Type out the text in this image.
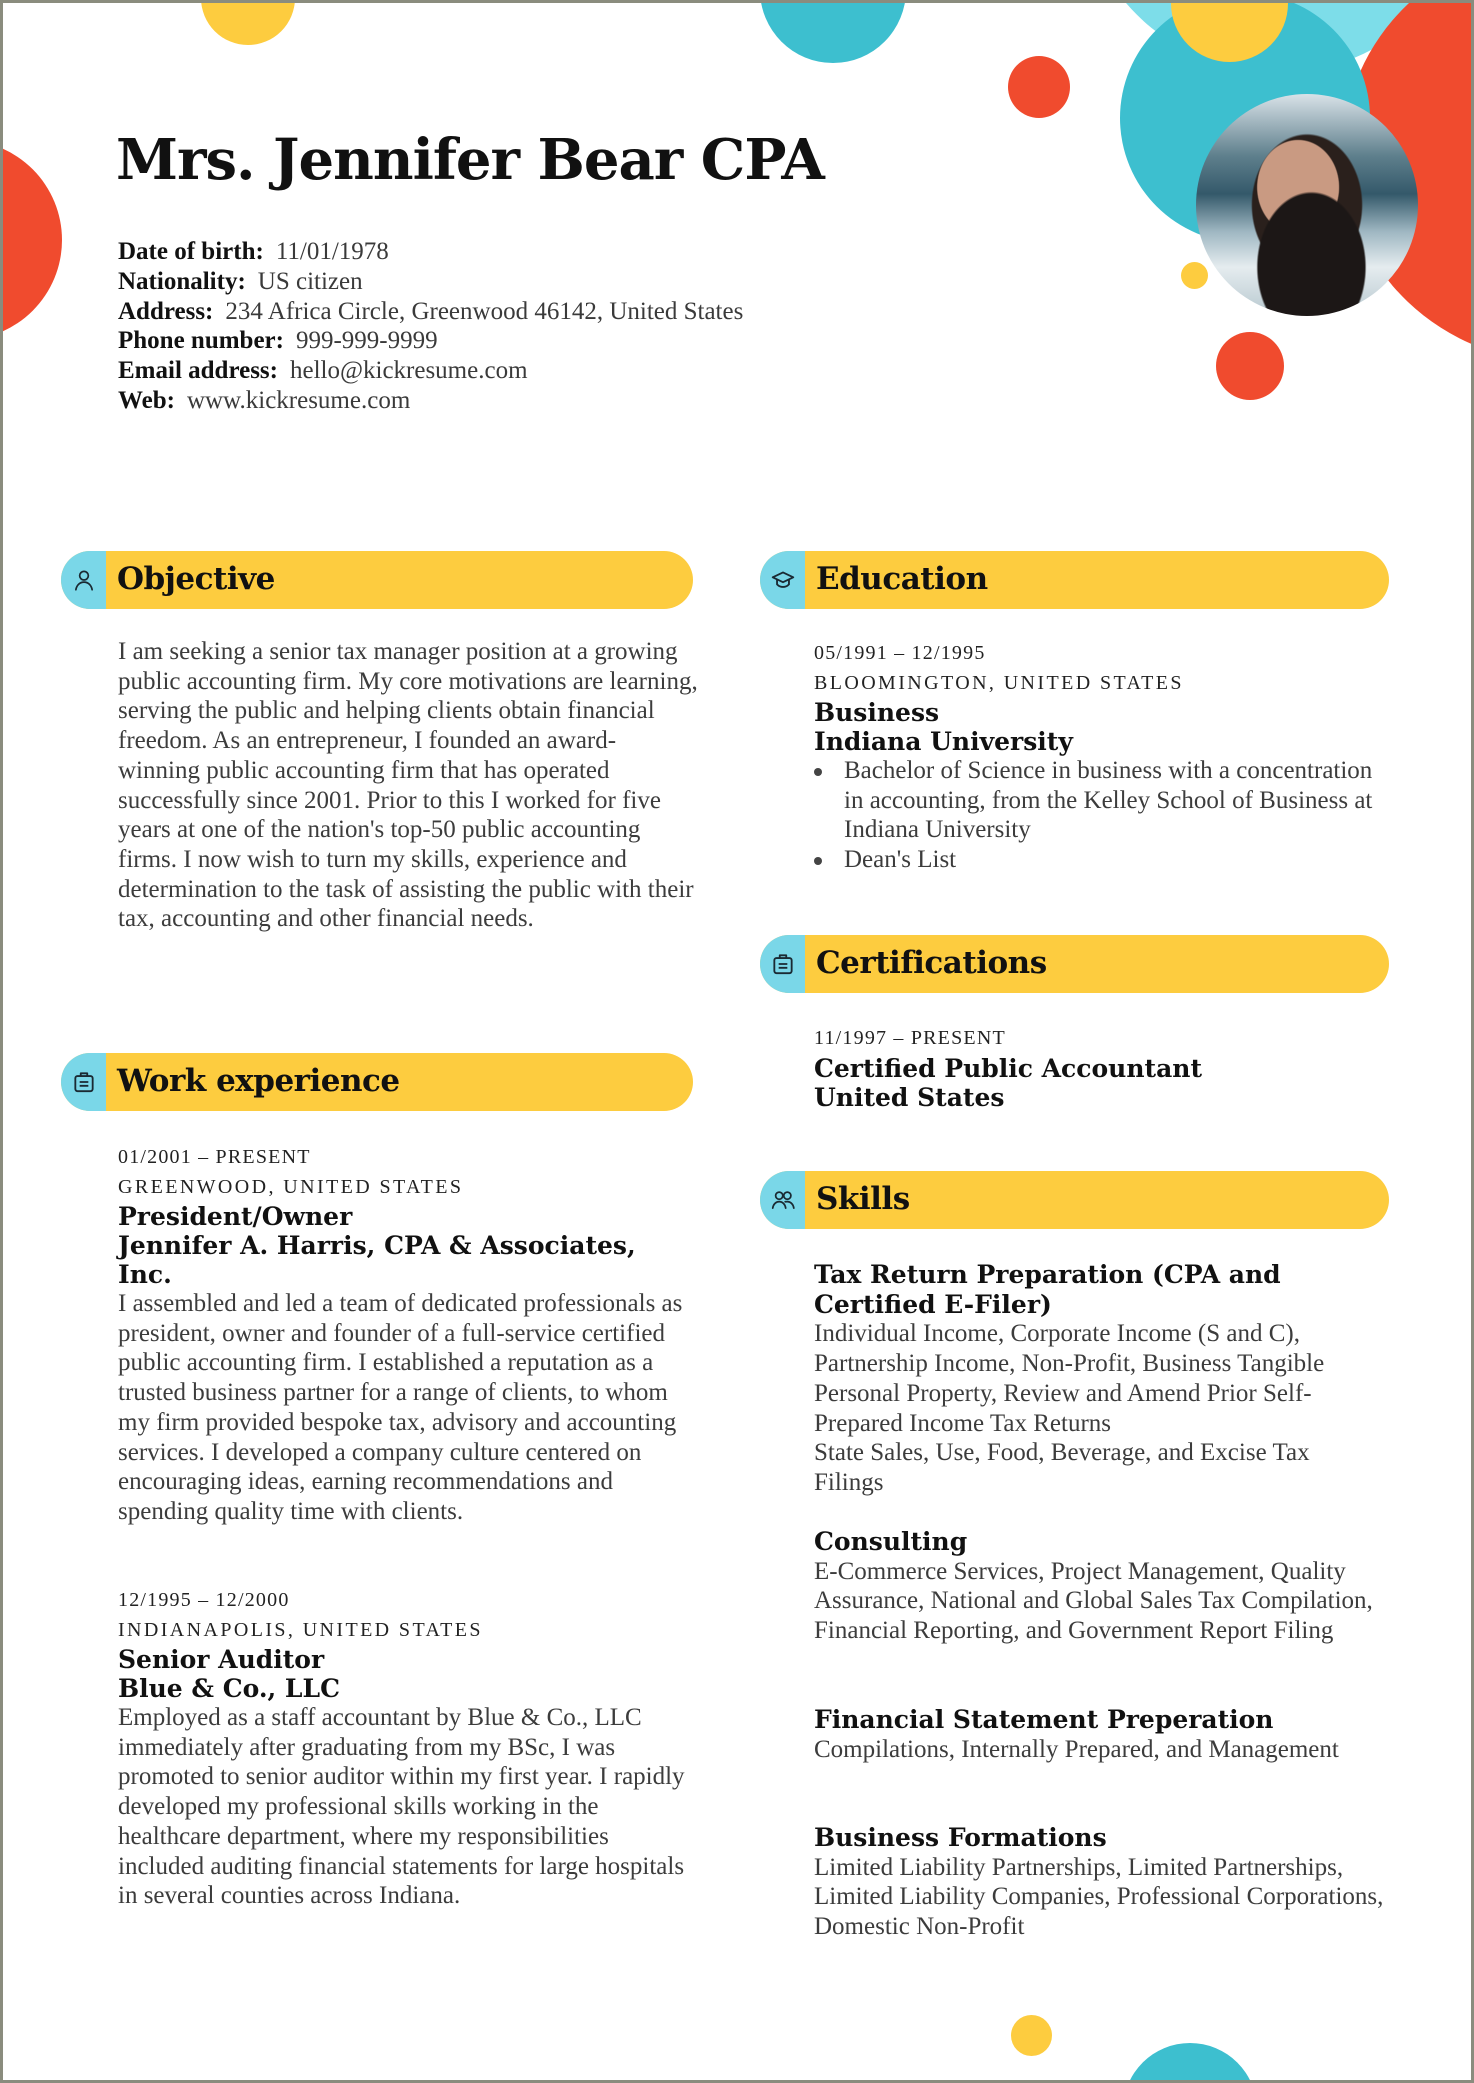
Mrs. Jennifer Bear CPA
Date of birth: 11/01/1978
Nationality: US citizen
Address: 234 Africa Circle, Greenwood 46142, United States
Phone number: 999-999-9999
Email address: hello@kickresume.com
Web: www.kickresume.com
Objective

I am seeking a senior tax manager position at a growing public accounting firm. My core motivations are learning, serving the public and helping clients obtain financial freedom. As an entrepreneur, I founded an award-winning public accounting firm that has operated successfully since 2001. Prior to this I worked for five years at one of the nation's top-50 public accounting firms. I now wish to turn my skills, experience and determination to the task of assisting the public with their tax, accounting and other financial needs.

Work experience
01/2001 – PRESENT
GREENWOOD, UNITED STATES
President/Owner
Jennifer A. Harris, CPA & Associates, Inc.

I assembled and led a team of dedicated professionals as president, owner and founder of a full-service certified public accounting firm. I established a reputation as a trusted business partner for a range of clients, to whom my firm provided bespoke tax, advisory and accounting services. I developed a company culture centered on encouraging ideas, earning recommendations and spending quality time with clients.

12/1995 – 12/2000
INDIANAPOLIS, UNITED STATES
Senior Auditor
Blue & Co., LLC

Employed as a staff accountant by Blue & Co., LLC immediately after graduating from my BSc, I was promoted to senior auditor within my first year. I rapidly developed my professional skills working in the healthcare department, where my responsibilities included auditing financial statements for large hospitals in several counties across Indiana.

Education
05/1991 – 12/1995
BLOOMINGTON, UNITED STATES
Business
Indiana University
Bachelor of Science in business with a concentration in accounting, from the Kelley School of Business at Indiana University
Dean's List
Certifications
11/1997 – PRESENT
Certified Public Accountant
United States
Skills
Tax Return Preparation (CPA and Certified E-Filer)

Individual Income, Corporate Income (S and C), Partnership Income, Non-Profit, Business Tangible Personal Property, Review and Amend Prior Self-Prepared Income Tax Returns

State Sales, Use, Food, Beverage, and Excise Tax Filings

Consulting

E-Commerce Services, Project Management, Quality Assurance, National and Global Sales Tax Compilation, Financial Reporting, and Government Report Filing

Financial Statement Preperation

Compilations, Internally Prepared, and Management

Business Formations

Limited Liability Partnerships, Limited Partnerships, Limited Liability Companies, Professional Corporations, Domestic Non-Profit
